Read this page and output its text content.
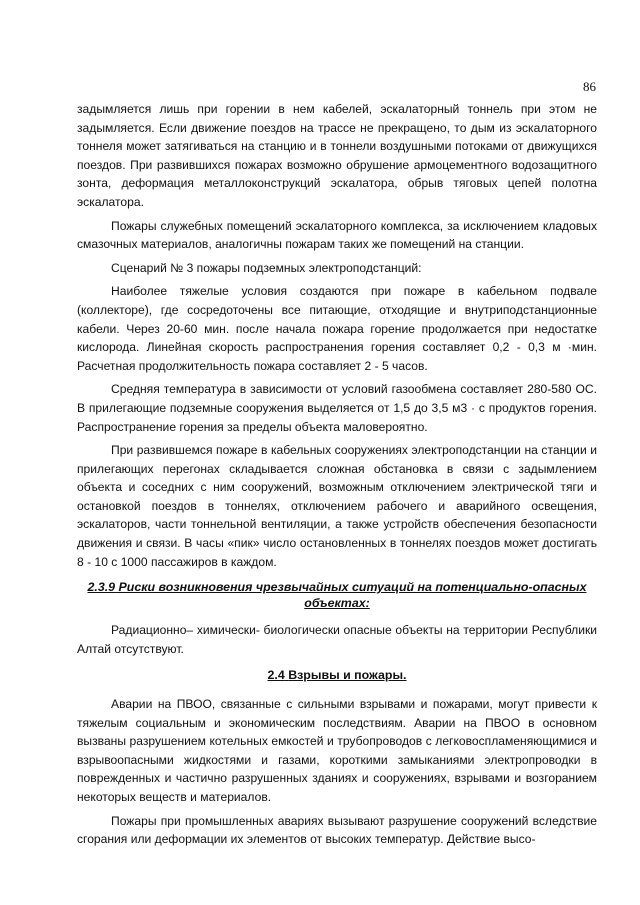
86

задымляется лишь при горении в нем кабелей, эскалаторный тоннель при этом не задымляется. Если движение поездов на трассе не прекращено, то дым из эскалаторного тоннеля может затягиваться на станцию и в тоннели воздушными потоками от движущихся поездов. При развившихся пожарах возможно обрушение армоцементного водозащитного зонта, деформация металлоконструкций эскалатора, обрыв тяговых цепей полотна эскалатора.

Пожары служебных помещений эскалаторного комплекса, за исключением кладовых смазочных материалов, аналогичны пожарам таких же помещений на станции.

Сценарий № 3 пожары подземных электроподстанций:

Наиболее тяжелые условия создаются при пожаре в кабельном подвале (коллекторе), где сосредоточены все питающие, отходящие и внутриподстанционные кабели. Через 20-60 мин. после начала пожара горение продолжается при недостатке кислорода. Линейная скорость распространения горения составляет 0,2 - 0,3 м ·мин. Расчетная продолжительность пожара составляет 2 - 5 часов.

Средняя температура в зависимости от условий газообмена составляет 280-580 ОС. В прилегающие подземные сооружения выделяется от 1,5 до 3,5 м3 · с продуктов горения. Распространение горения за пределы объекта маловероятно.

При развившемся пожаре в кабельных сооружениях электроподстанции на станции и прилегающих перегонах складывается сложная обстановка в связи с задымлением объекта и соседних с ним сооружений, возможным отключением электрической тяги и остановкой поездов в тоннелях, отключением рабочего и аварийного освещения, эскалаторов, части тоннельной вентиляции, а также устройств обеспечения безопасности движения и связи. В часы «пик» число остановленных в тоннелях поездов может достигать 8 - 10 с 1000 пассажиров в каждом.

2.3.9 Риски возникновения чрезвычайных ситуаций на потенциально-опасных объектах:

Радиационно– химически- биологически опасные объекты на территории Республики Алтай отсутствуют.

2.4 Взрывы и пожары.

Аварии на ПВОО, связанные с сильными взрывами и пожарами, могут привести к тяжелым социальным и экономическим последствиям. Аварии на ПВОО в основном вызваны разрушением котельных емкостей и трубопроводов с легковоспламеняющимися и взрывоопасными жидкостями и газами, короткими замыканиями электропроводки в поврежденных и частично разрушенных зданиях и сооружениях, взрывами и возгоранием некоторых веществ и материалов.

Пожары при промышленных авариях вызывают разрушение сооружений вследствие сгорания или деформации их элементов от высоких температур. Действие высо-
